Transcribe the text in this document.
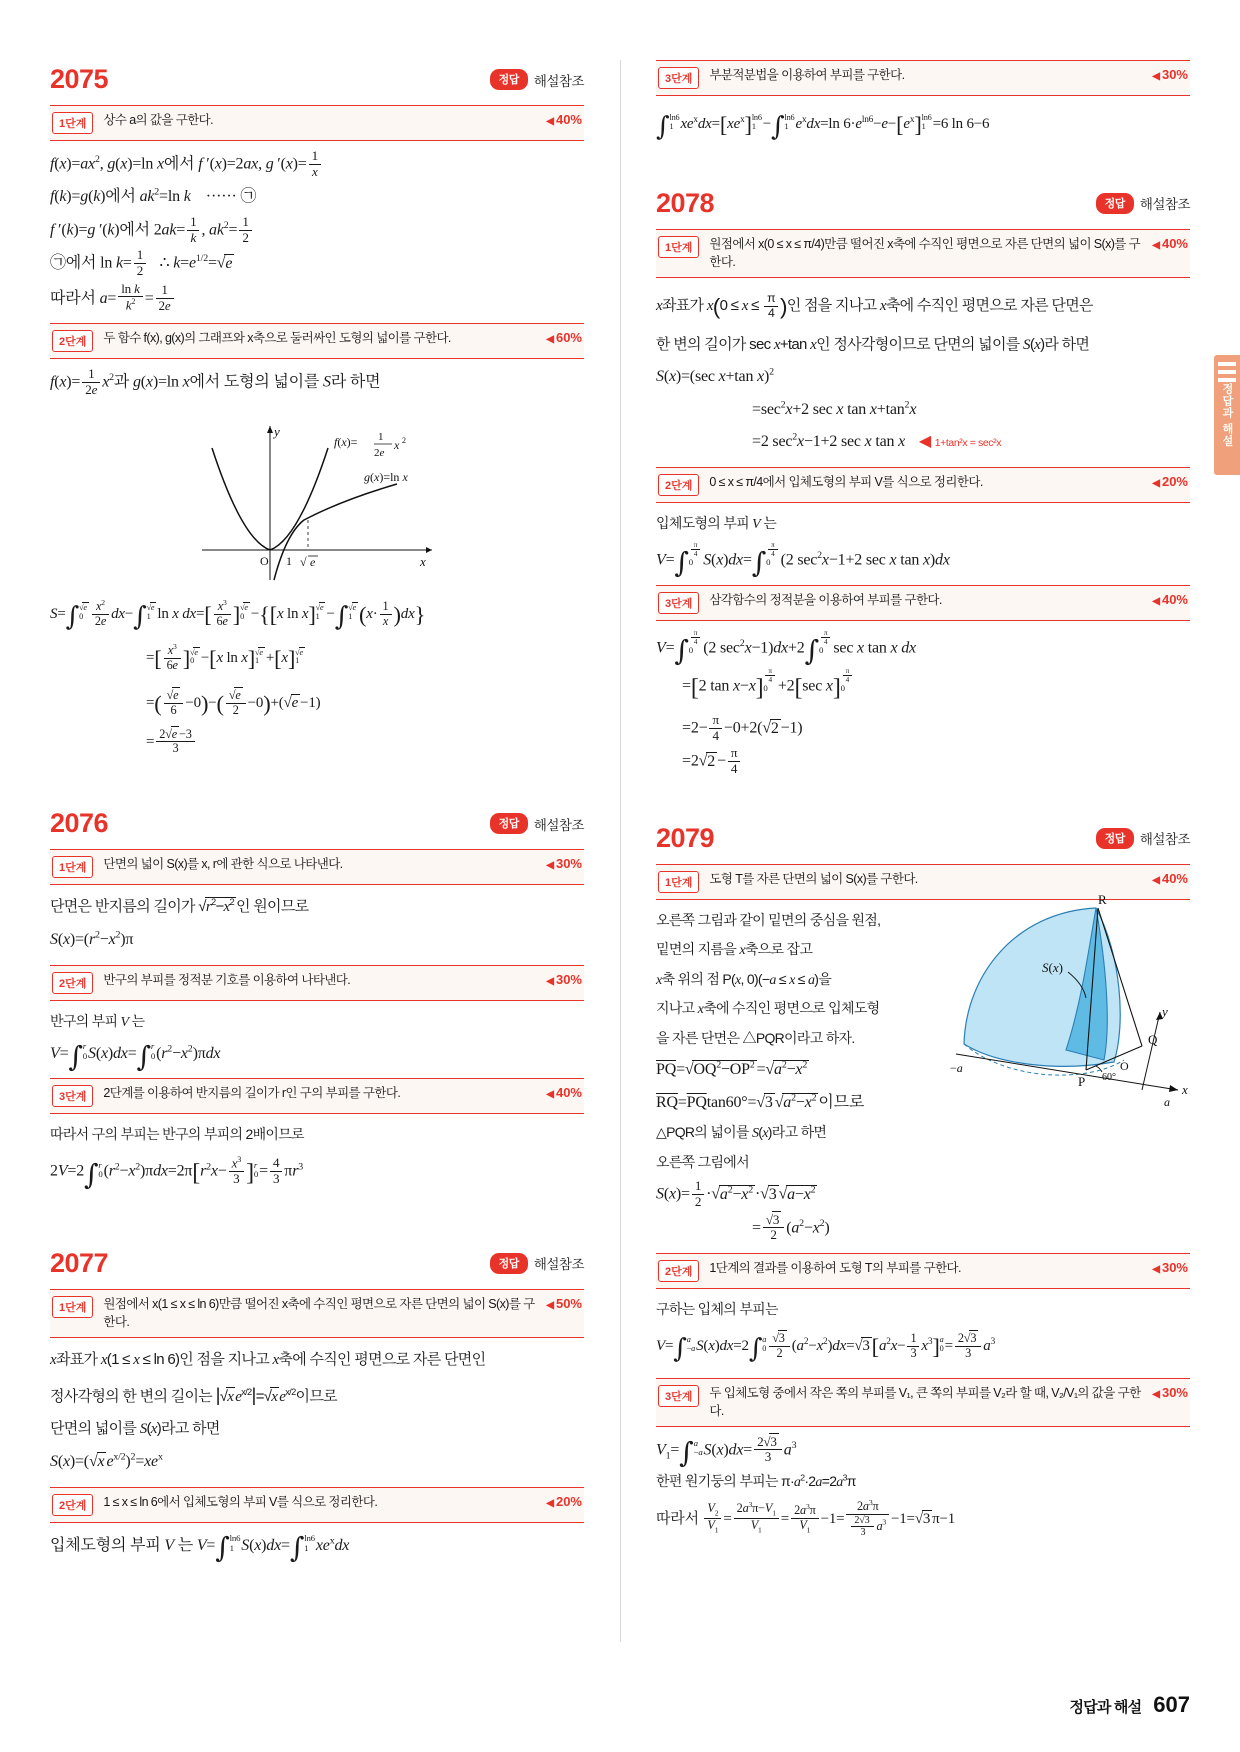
정답과 해설
2075	정답	해설참조
1단계	상수 a의 값을 구한다.	◀ 40%
$f(x)=ax^2$, g(x)=ln x에서 f ′(x)=2ax, g $'(x)= \frac{1}{x}$
f(k)=g(k)에서 $ak^2=\ln$ k    ······ ㉠
f ′(k)=g ′(k)에서 $2ak= \frac{1}{k}$ , $ak^2= \frac{1}{2}$
㉠에서 $\ln k= \frac{1}{2}$ ∴ $k=e^{1/2}=√e$
따라서 $a= \frac{\text{ln k}}{k^2} = \frac{1}{2e}$
2단계	두 함수 f(x), g(x)의 그래프와 x축으로 둘러싸인 도형의 넓이를 구한다.	◀ 60%
$f(x)= \frac{1}{2e} x^2$과 g(x)=ln x에서 도형의 넓이를 S라 하면
O 1 √ e	x
y
f(x)= 1
2e
x 2
g(x)=ln x
S=∫ √e
$0 \frac{x^2}{2e} dx-\int$ √e
1 ln x $dx=[ \frac{x^3}{6e}$ ] √e
0 −{[x ln x] √e
1 −∫ √e
1 $(x\cdot \frac{1}{x} )dx$}
=[ $\frac{x^3}{6e}$ ] √e
0 −[x ln x] √e
1 +[x] √e
1
=( $\frac{√e}{6} -0)-( \frac{√e}{2} -0)+(√e -1)$
= $\frac{2√e -3}{3}$
2076	정답	해설참조
1단계	단면의 넓이 S(x)를 x, r에 관한 식으로 나타낸다.	◀ 30%
단면은 반지름의 길이가 $√r^2-x^2$ 인 원이므로
$S(x)=(r^2-x^2)\pi$
2단계	반구의 부피를 정적분 기호를 이용하여 나타낸다.	◀ 30%
반구의 부피 V 는
V=∫ r
0 S(x)dx=∫ r
0 $(r^2-x^2)\pi dx$
3단계	2단계를 이용하여 반지름의 길이가 r인 구의 부피를 구한다.	◀ 40%
따라서 구의 부피는 반구의 부피의 2배이므로
2V=2∫ r
0 $(r^2-x^2)\pi dx=2\pi[r^2x- \frac{x^3}{3}$ ] r
$0 = \frac{4}{3} \pi r^3$
2077	정답	해설참조
1단계	원점에서 x(1 ≤ x ≤ ln 6)만큼 떨어진 x축에 수직인 평면으로 자른 단면의 넓이 S(x)를 구한다.
◀ 50%
x좌표가 x(1 ≤ x ≤ ln 6)인 점을 지나고 x축에 수직인 평면으로 자른 단면인
정사각형의 한 변의 길이는 |√x $e^{x/2}|=√x$ $e^{x/2}$이므로
단면의 넓이를 S(x)라고 하면
S(x)=(√x $e^{x/2})^2=xe^x$
2단계	1 ≤ x ≤ ln 6에서 입체도형의 부피 V를 식으로 정리한다.	◀ 20%
입체도형의 부피 V 는 V=∫ ln6
1 S(x)dx=∫ ln6
1 $xe^xdx$
3단계	부분적분법을 이용하여 부피를 구한다.	◀ 30%
∫ ln6
1 $xe^xdx=[xe^x]$ ln6
1 −∫ ln6
1 $e^xdx=\ln$ $6\cdot e^{ln6}-e-[e^x]$ ln6
1 =6 ln 6−6
2078	정답	해설참조
1단계	원점에서 x(0 ≤ x ≤ π/4)만큼 떨어진 x축에 수직인 평면으로 자른 단면의 넓이 S(x)를 구한다.
◀ 40%
x좌표가 $x(0 \le x \le \frac{\pi}{4}$ )인 점을 지나고 x축에 수직인 평면으로 자른 단면은
한 변의 길이가 sec x+tan x인 정사각형이므로 단면의 넓이를 S(x)라 하면
S(x)=(sec x+tan x)$^2$
$=\sec^2x+2$ sec x $\tan x+\tan^2x$
=2 $\sec^2x-1+2$ sec x tan x ◀ 1+tan²x = sec²x
2단계	0 ≤ x ≤ π/4에서 입체도형의 부피 V를 식으로 정리한다.	◀ 20%
입체도형의 부피 V 는
$V=\int \frac{\pi}{4}$
0 $S(x)dx=\int \frac{\pi}{4}$
0 (2 $\sec^2x-1+2$ sec x tan x)dx
3단계	삼각함수의 정적분을 이용하여 부피를 구한다.	◀ 40%
$V=\int \frac{\pi}{4}$
0 (2 $\sec^2x-1)dx+2\int \frac{\pi}{4}$
0 sec x tan x dx
=[2 $\tan x-x] \frac{\pi}{4}$
0 +2[sec $x] \frac{\pi}{4}$
0
$=2- \frac{\pi}{4} -0+2(√2 -1)$
$=2√2 - \frac{\pi}{4}$
2079	정답	해설참조
1단계	도형 T를 자른 단면의 넓이 S(x)를 구한다.	◀ 40%
R
Q
P
O
−a
a
x
y
60°
S(x)
오른쪽 그림과 같이 밑면의 중심을 원점,
밑면의 지름을 x축으로 잡고
x축 위의 점 P(x, 0)(−a ≤ x ≤ a)을
지나고 x축에 수직인 평면으로 입체도형
을 자른 단면은 △PQR이라고 하자.
$\overline{PQ}=√OQ^2-\overline{OP}^2 =√a^2-x^2$
$\overline{RQ}=\overline{PQ}\tan 60^\circ=√3$ $√a^2-x^2$ 이므로
△PQR의 넓이를 S(x)라고 하면
오른쪽 그림에서
$S(x)= \frac{1}{2} \cdot√a^2-x^2 \cdot√3$ $√a-x^2$
= $\frac{√3}{2} (a^2-x^2)$
2단계	1단계의 결과를 이용하여 도형 T의 부피를 구한다.	◀ 30%
구하는 입체의 부피는
V=∫ a
−a S(x)dx=2∫ a
$0 \frac{√3}{2} (a^2-x^2)dx=√3[a^2x- \frac{1}{3} x^3]$ a
$0 = \frac{2√3}{3} a^3$
3단계	두 입체도형 중에서 작은 쪽의 부피를 V₁, 큰 쪽의 부피를 V₂라 할 때, V₂/V₁의 값을 구한다.
◀ 30%
$V_1=\int$ a
−a $S(x)dx= \frac{2√3}{3} a^3$
한편 원기둥의 부피는 $\pi\cdot a^2\cdot 2a=2a^3\pi$
따라서 $\frac{V_2}{V_1} = \frac{2a^3\pi-V_1}{V_1} = \frac{2a^3\pi}{V_1} -1= \frac{2a^3\pi}{\frac{2√3}{3} a^3} -1=√3$ π−1
정답과 해설 607
